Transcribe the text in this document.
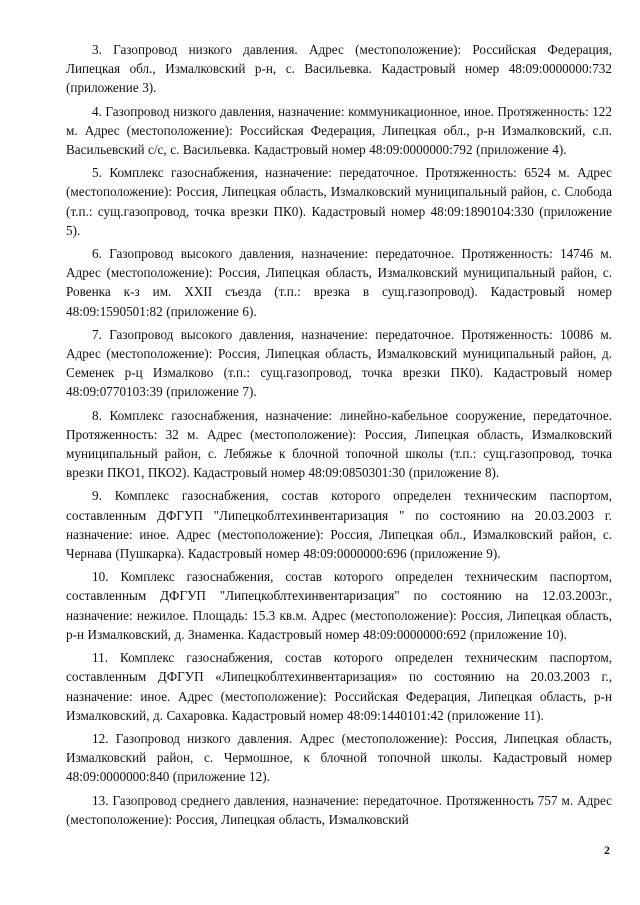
3. Газопровод низкого давления. Адрес (местоположение): Российская Федерация, Липецкая обл., Измалковский р-н, с. Васильевка. Кадастровый номер 48:09:0000000:732 (приложение 3).

4. Газопровод низкого давления, назначение: коммуникационное, иное. Протяженность: 122 м. Адрес (местоположение): Российская Федерация, Липецкая обл., р-н Измалковский, с.п. Васильевский с/с, с. Васильевка. Кадастровый номер 48:09:0000000:792 (приложение 4).

5. Комплекс газоснабжения, назначение: передаточное. Протяженность: 6524 м. Адрес (местоположение): Россия, Липецкая область, Измалковский муниципальный район, с. Слобода (т.п.: сущ.газопровод, точка врезки ПК0). Кадастровый номер 48:09:1890104:330 (приложение 5).

6. Газопровод высокого давления, назначение: передаточное. Протяженность: 14746 м. Адрес (местоположение): Россия, Липецкая область, Измалковский муниципальный район, с. Ровенка к-з им. XXII съезда (т.п.: врезка в сущ.газопровод). Кадастровый номер 48:09:1590501:82 (приложение 6).

7. Газопровод высокого давления, назначение: передаточное. Протяженность: 10086 м. Адрес (местоположение): Россия, Липецкая область, Измалковский муниципальный район, д. Семенек р-ц Измалково (т.п.: сущ.газопровод, точка врезки ПК0). Кадастровый номер 48:09:0770103:39 (приложение 7).

8. Комплекс газоснабжения, назначение: линейно-кабельное сооружение, передаточное. Протяженность: 32 м. Адрес (местоположение): Россия, Липецкая область, Измалковский муниципальный район, с. Лебяжье к блочной топочной школы (т.п.: сущ.газопровод, точка врезки ПКО1, ПКО2). Кадастровый номер 48:09:0850301:30 (приложение 8).

9. Комплекс газоснабжения, состав которого определен техническим паспортом, составленным ДФГУП "Липецкоблтехинвентаризация " по состоянию на 20.03.2003 г. назначение: иное. Адрес (местоположение): Россия, Липецкая обл., Измалковский район, с. Чернава (Пушкарка). Кадастровый номер 48:09:0000000:696 (приложение 9).

10. Комплекс газоснабжения, состав которого определен техническим паспортом, составленным ДФГУП "Липецкоблтехинвентаризация" по состоянию на 12.03.2003г., назначение: нежилое. Площадь: 15.3 кв.м. Адрес (местоположение): Россия, Липецкая область, р-н Измалковский, д. Знаменка. Кадастровый номер 48:09:0000000:692 (приложение 10).

11. Комплекс газоснабжения, состав которого определен техническим паспортом, составленным ДФГУП «Липецкоблтехинвентаризация» по состоянию на 20.03.2003 г., назначение: иное. Адрес (местоположение): Российская Федерация, Липецкая область, р-н Измалковский, д. Сахаровка. Кадастровый номер 48:09:1440101:42 (приложение 11).

12. Газопровод низкого давления. Адрес (местоположение): Россия, Липецкая область, Измалковский район, с. Чермошное, к блочной топочной школы. Кадастровый номер 48:09:0000000:840 (приложение 12).

13. Газопровод среднего давления, назначение: передаточное. Протяженность 757 м. Адрес (местоположение): Россия, Липецкая область, Измалковский

2
